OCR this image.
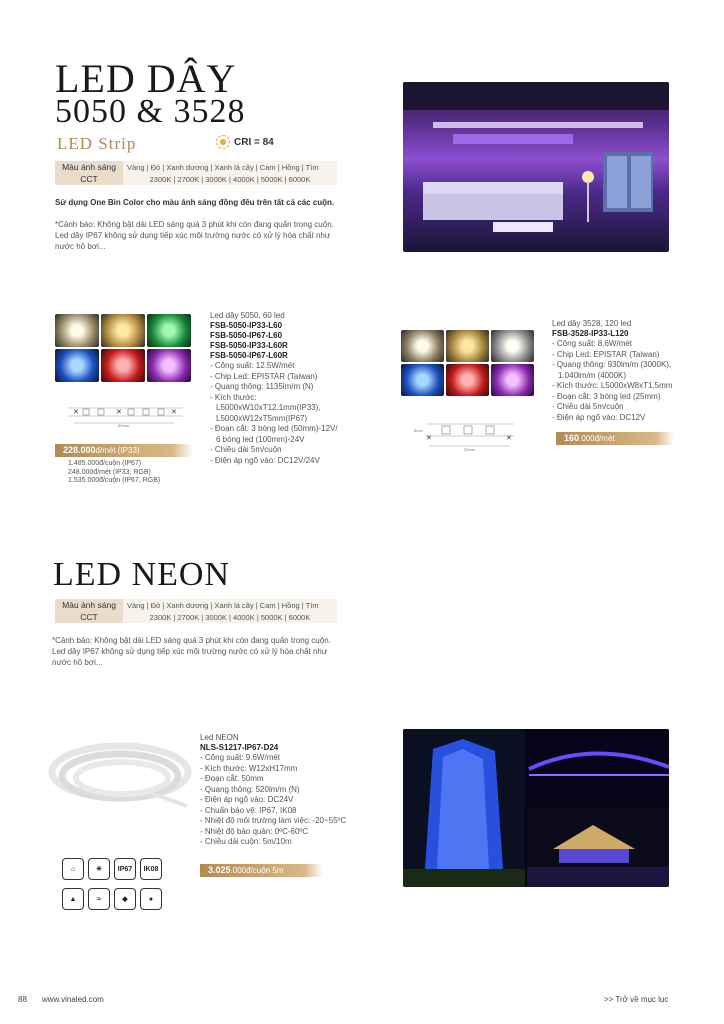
LED DÂY
5050 & 3528
LED Strip	CRI = 84
Màu ánh sáng	Vàng | Đỏ | Xanh dương | Xanh lá cây | Cam | Hồng | Tím
CCT	2300K | 2700K | 3000K | 4000K | 5000K | 6000K
Sử dụng One Bin Color cho màu ánh sáng đồng đều trên tất cả các cuộn.
*Cảnh báo: Không bật dải LED sáng quá 3 phút khi còn đang quấn trong cuộn. Led dây IP67 không sử dụng tiếp xúc môi trường nước có xử lý hóa chất như nước hồ bơi...
✕	✕	✕
50mm
Led dây 5050, 60 led
FSB-5050-IP33-L60
FSB-5050-IP67-L60
FSB-5050-IP33-L60R
FSB-5050-IP67-L60R
- Công suất: 12.5W/mét
- Chip Led: EPISTAR (Taiwan)
- Quang thông: 1135lm/m (N)
- Kích thước:
L5000xW10xT12.1mm(IP33),
L5000xW12xT5mm(IP67)
- Đoạn cắt: 3 bóng led (50mm)-12V/
6 bóng led (100mm)-24V
- Chiều dài 5m/cuộn
- Điện áp ngõ vào: DC12V/24V
228.000đ/mét (IP33)
1.485.000đ/cuộn (IP67)
248.000đ/mét (IP33, RGB)
1.535.000đ/cuộn (IP67, RGB)
✕	✕
8mm
25mm
Led dây 3528, 120 led
FSB-3528-IP33-L120
- Công suất: 8.6W/mét
- Chip Led: EPISTAR (Taiwan)
- Quang thông: 930lm/m (3000K),
1.040lm/m (4000K)
- Kích thước: L5000xW8xT1.5mm
- Đoạn cắt: 3 bóng led (25mm)
- Chiều dài 5m/cuộn
- Điện áp ngõ vào: DC12V
160.000đ/mét
LED NEON
Màu ánh sáng	Vàng | Đỏ | Xanh dương | Xanh lá cây | Cam | Hồng | Tím
CCT	2300K | 2700K | 3000K | 4000K | 5000K | 6000K
*Cảnh báo: Không bật dải LED sáng quá 3 phút khi còn đang quấn trong cuộn. Led dây IP67 không sử dụng tiếp xúc môi trường nước có xử lý hóa chất như nước hồ bơi...
Led NEON
NLS-S1217-IP67-D24
- Công suất: 9.6W/mét
- Kích thước: W12xH17mm
- Đoạn cắt: 50mm
- Quang thông: 520lm/m (N)
- Điện áp ngõ vào: DC24V
- Chuẩn bảo vệ: IP67, IK08
- Nhiệt độ môi trường làm việc: -20~55ºC
- Nhiệt độ bảo quản: 0ºC-60ºC
- Chiều dài cuộn: 5m/10m
3.025.000đ/cuộn 5m
⌂	☀	IP67	IK08
▲	≈	◆	●
88 www.vinaled.com	>> Trở về mục lục
